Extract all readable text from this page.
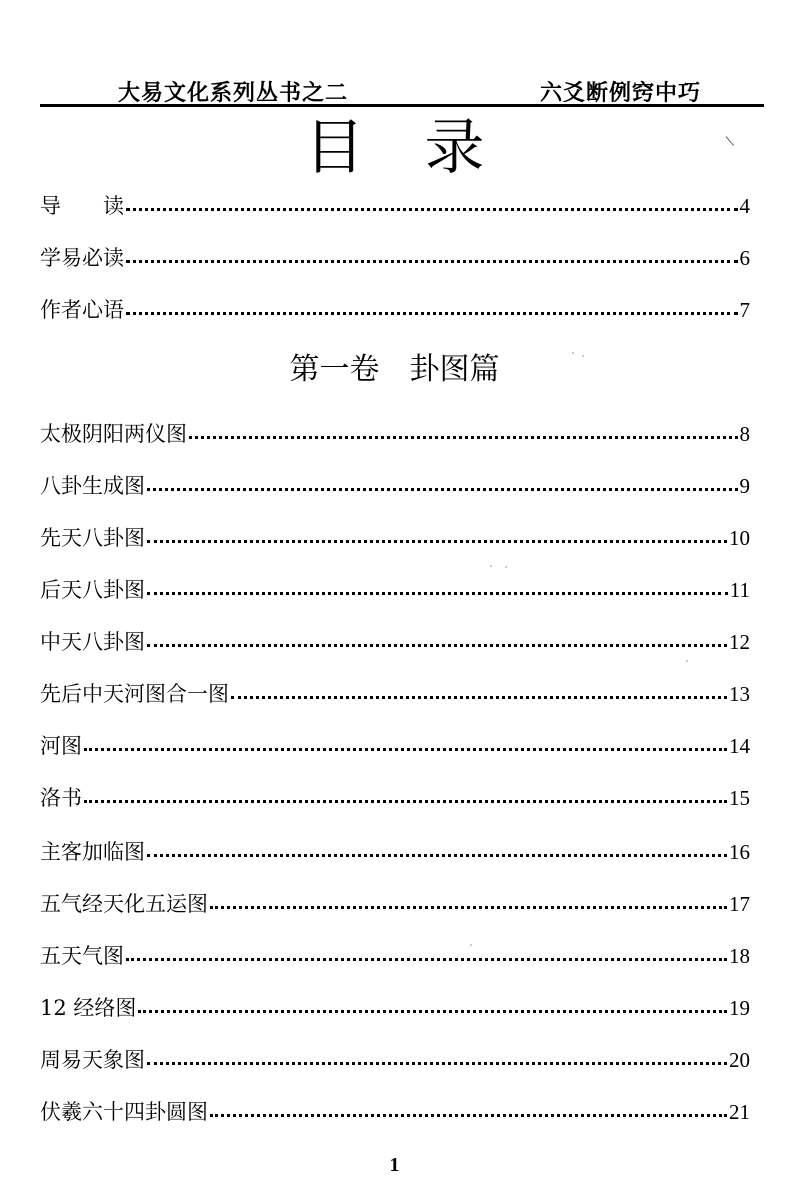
大易文化系列丛书之二	六爻断例窍中巧
目录
导　　读	4
学易必读	6
作者心语	7
太极阴阳两仪图	8
八卦生成图	9
先天八卦图	10
后天八卦图	11
中天八卦图	12
先后中天河图合一图	13
河图	14
洛书	15
主客加临图	16
五气经天化五运图	17
五天气图	18
12 经络图	19
周易天象图	20
伏羲六十四卦圆图	21
第一卷　卦图篇
1
